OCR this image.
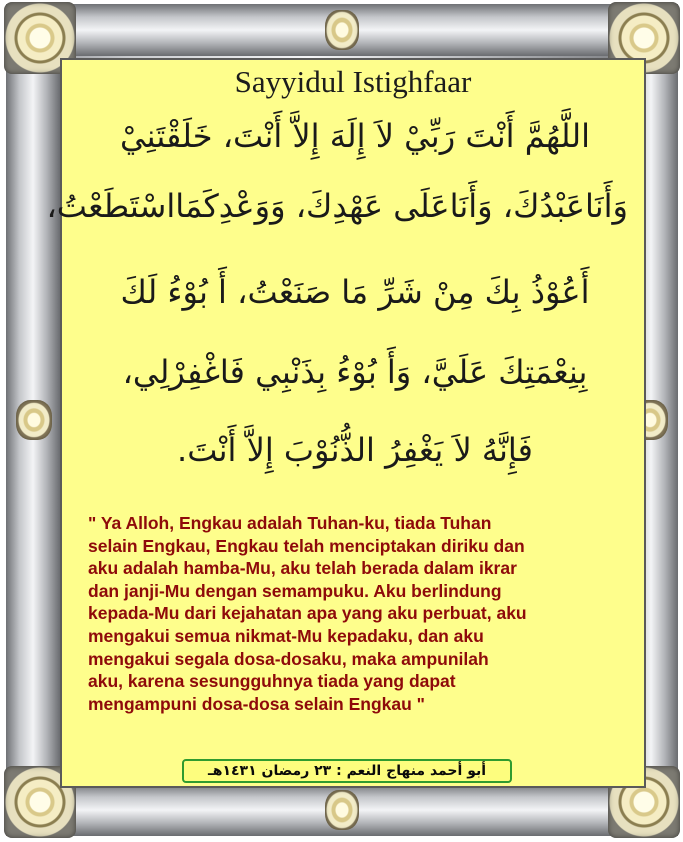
Sayyidul Istighfaar
اللَّهُمَّ أَنْتَ رَبِّيْ لاَ إِلَهَ إِلاَّ أَنْتَ، خَلَقْتَنِيْ
وَأَنَاعَبْدُكَ، وَأَنَاعَلَى عَهْدِكَ، وَوَعْدِكَمَااسْتَطَعْتُ،
أَعُوْذُ بِكَ مِنْ شَرِّ مَا صَنَعْتُ، أَ بُوْءُ لَكَ
بِنِعْمَتِكَ عَلَيَّ، وَأَ بُوْءُ بِذَنْبِي فَاغْفِرْلِي،
فَإِنَّهُ لاَ يَغْفِرُ الذُّنُوْبَ إِلاَّ أَنْتَ.
" Ya Alloh, Engkau adalah Tuhan-ku, tiada Tuhan
selain Engkau, Engkau telah menciptakan diriku dan
aku adalah hamba-Mu, aku telah berada dalam ikrar
dan janji-Mu dengan semampuku. Aku berlindung
kepada-Mu dari kejahatan apa yang aku perbuat, aku
mengakui semua nikmat-Mu kepadaku, dan aku
mengakui segala dosa-dosaku, maka ampunilah
aku, karena sesungguhnya tiada yang dapat
mengampuni dosa-dosa selain Engkau "
أبو أحمد منهاج النعم : ٢٣ رمضان ١٤٣١هـ
